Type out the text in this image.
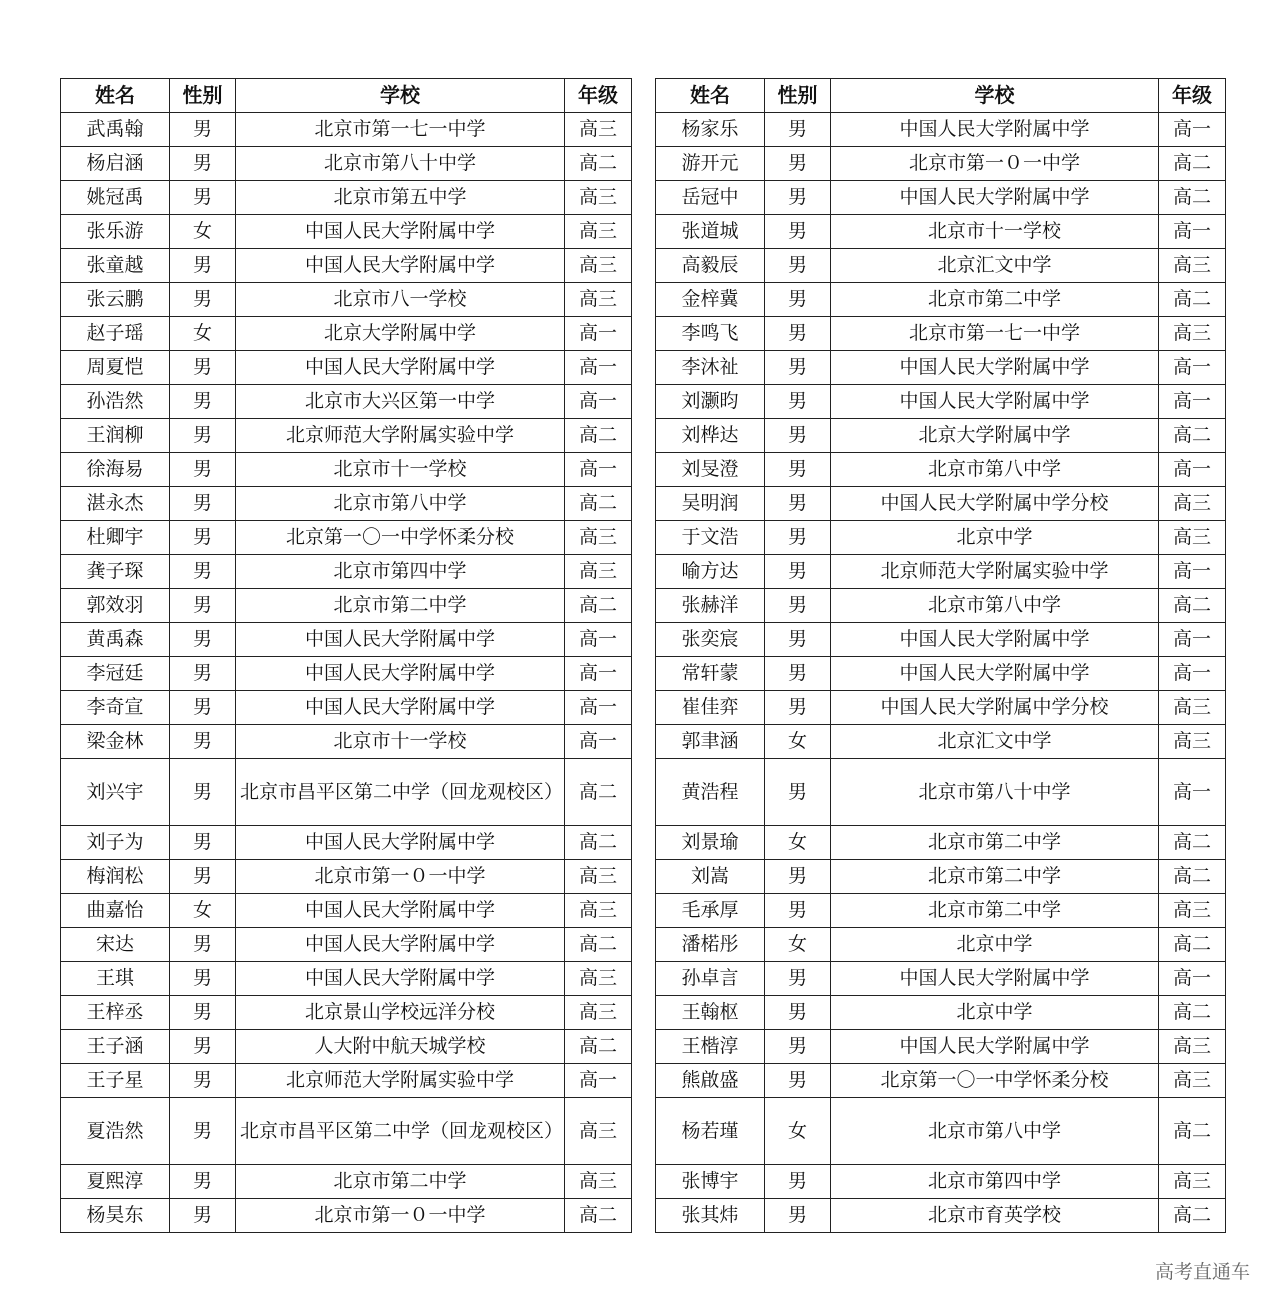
姓名	性别	学校	年级
武禹翰	男	北京市第一七一中学	高三
杨启涵	男	北京市第八十中学	高二
姚冠禹	男	北京市第五中学	高三
张乐游	女	中国人民大学附属中学	高三
张童越	男	中国人民大学附属中学	高三
张云鹏	男	北京市八一学校	高三
赵子瑶	女	北京大学附属中学	高一
周夏恺	男	中国人民大学附属中学	高一
孙浩然	男	北京市大兴区第一中学	高一
王润柳	男	北京师范大学附属实验中学	高二
徐海易	男	北京市十一学校	高一
湛永杰	男	北京市第八中学	高二
杜卿宇	男	北京第一〇一中学怀柔分校	高三
龚子琛	男	北京市第四中学	高三
郭效羽	男	北京市第二中学	高二
黄禹森	男	中国人民大学附属中学	高一
李冠廷	男	中国人民大学附属中学	高一
李奇宣	男	中国人民大学附属中学	高一
梁金林	男	北京市十一学校	高一
刘兴宇	男	北京市昌平区第二中学（回龙观校区）	高二
刘子为	男	中国人民大学附属中学	高二
梅润松	男	北京市第一０一中学	高三
曲嘉怡	女	中国人民大学附属中学	高三
宋达	男	中国人民大学附属中学	高二
王琪	男	中国人民大学附属中学	高三
王梓丞	男	北京景山学校远洋分校	高三
王子涵	男	人大附中航天城学校	高二
王子星	男	北京师范大学附属实验中学	高一
夏浩然	男	北京市昌平区第二中学（回龙观校区）	高三
夏熙淳	男	北京市第二中学	高三
杨昊东	男	北京市第一０一中学	高二
姓名	性别	学校	年级
杨家乐	男	中国人民大学附属中学	高一
游开元	男	北京市第一０一中学	高二
岳冠中	男	中国人民大学附属中学	高二
张道城	男	北京市十一学校	高一
高毅辰	男	北京汇文中学	高三
金梓冀	男	北京市第二中学	高二
李鸣飞	男	北京市第一七一中学	高三
李沐祉	男	中国人民大学附属中学	高一
刘灏昀	男	中国人民大学附属中学	高一
刘桦达	男	北京大学附属中学	高二
刘旻澄	男	北京市第八中学	高一
吴明润	男	中国人民大学附属中学分校	高三
于文浩	男	北京中学	高三
喻方达	男	北京师范大学附属实验中学	高一
张赫洋	男	北京市第八中学	高二
张奕宸	男	中国人民大学附属中学	高一
常轩蒙	男	中国人民大学附属中学	高一
崔佳弈	男	中国人民大学附属中学分校	高三
郭聿涵	女	北京汇文中学	高三
黄浩程	男	北京市第八十中学	高一
刘景瑜	女	北京市第二中学	高二
刘嵩	男	北京市第二中学	高二
毛承厚	男	北京市第二中学	高三
潘楉彤	女	北京中学	高二
孙卓言	男	中国人民大学附属中学	高一
王翰枢	男	北京中学	高二
王楷淳	男	中国人民大学附属中学	高三
熊啟盛	男	北京第一〇一中学怀柔分校	高三
杨若瑾	女	北京市第八中学	高二
张博宇	男	北京市第四中学	高三
张其炜	男	北京市育英学校	高二
高考直通车
